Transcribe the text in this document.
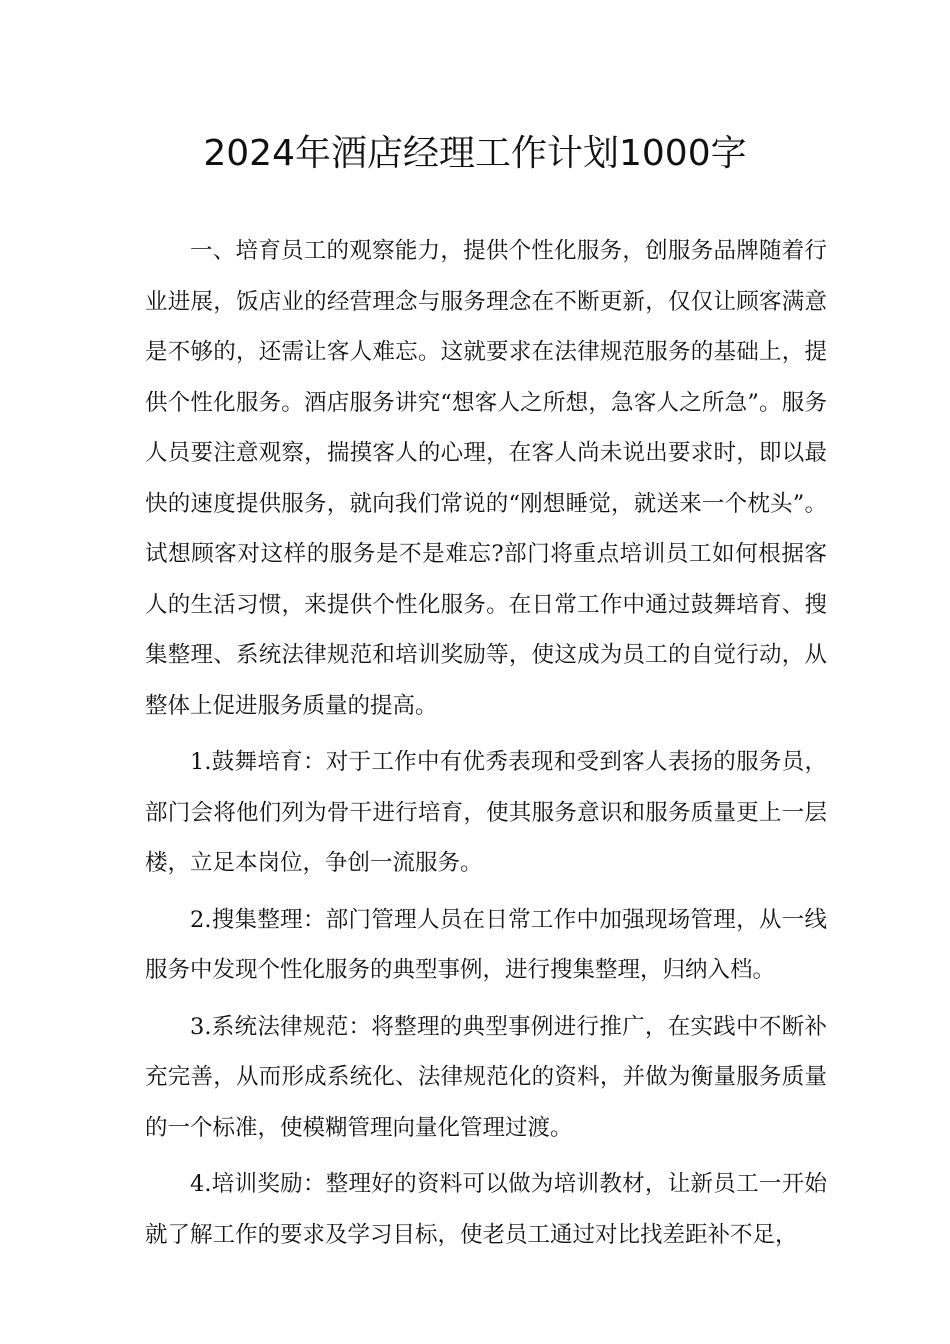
2024年酒店经理工作计划1000字

一、培育员工的观察能力，提供个性化服务，创服务品牌随着行业进展，饭店业的经营理念与服务理念在不断更新，仅仅让顾客满意是不够的，还需让客人难忘。这就要求在法律规范服务的基础上，提供个性化服务。酒店服务讲究“想客人之所想，急客人之所急”。服务人员要注意观察，揣摸客人的心理，在客人尚未说出要求时，即以最快的速度提供服务，就向我们常说的“刚想睡觉，就送来一个枕头”。试想顾客对这样的服务是不是难忘?部门将重点培训员工如何根据客人的生活习惯，来提供个性化服务。在日常工作中通过鼓舞培育、搜集整理、系统法律规范和培训奖励等，使这成为员工的自觉行动，从整体上促进服务质量的提高。

1.鼓舞培育：对于工作中有优秀表现和受到客人表扬的服务员，部门会将他们列为骨干进行培育，使其服务意识和服务质量更上一层楼，立足本岗位，争创一流服务。

2.搜集整理：部门管理人员在日常工作中加强现场管理，从一线服务中发现个性化服务的典型事例，进行搜集整理，归纳入档。

3.系统法律规范：将整理的典型事例进行推广，在实践中不断补充完善，从而形成系统化、法律规范化的资料，并做为衡量服务质量的一个标准，使模糊管理向量化管理过渡。

4.培训奖励：整理好的资料可以做为培训教材，让新员工一开始就了解工作的要求及学习目标，使老员工通过对比找差距补不足，
